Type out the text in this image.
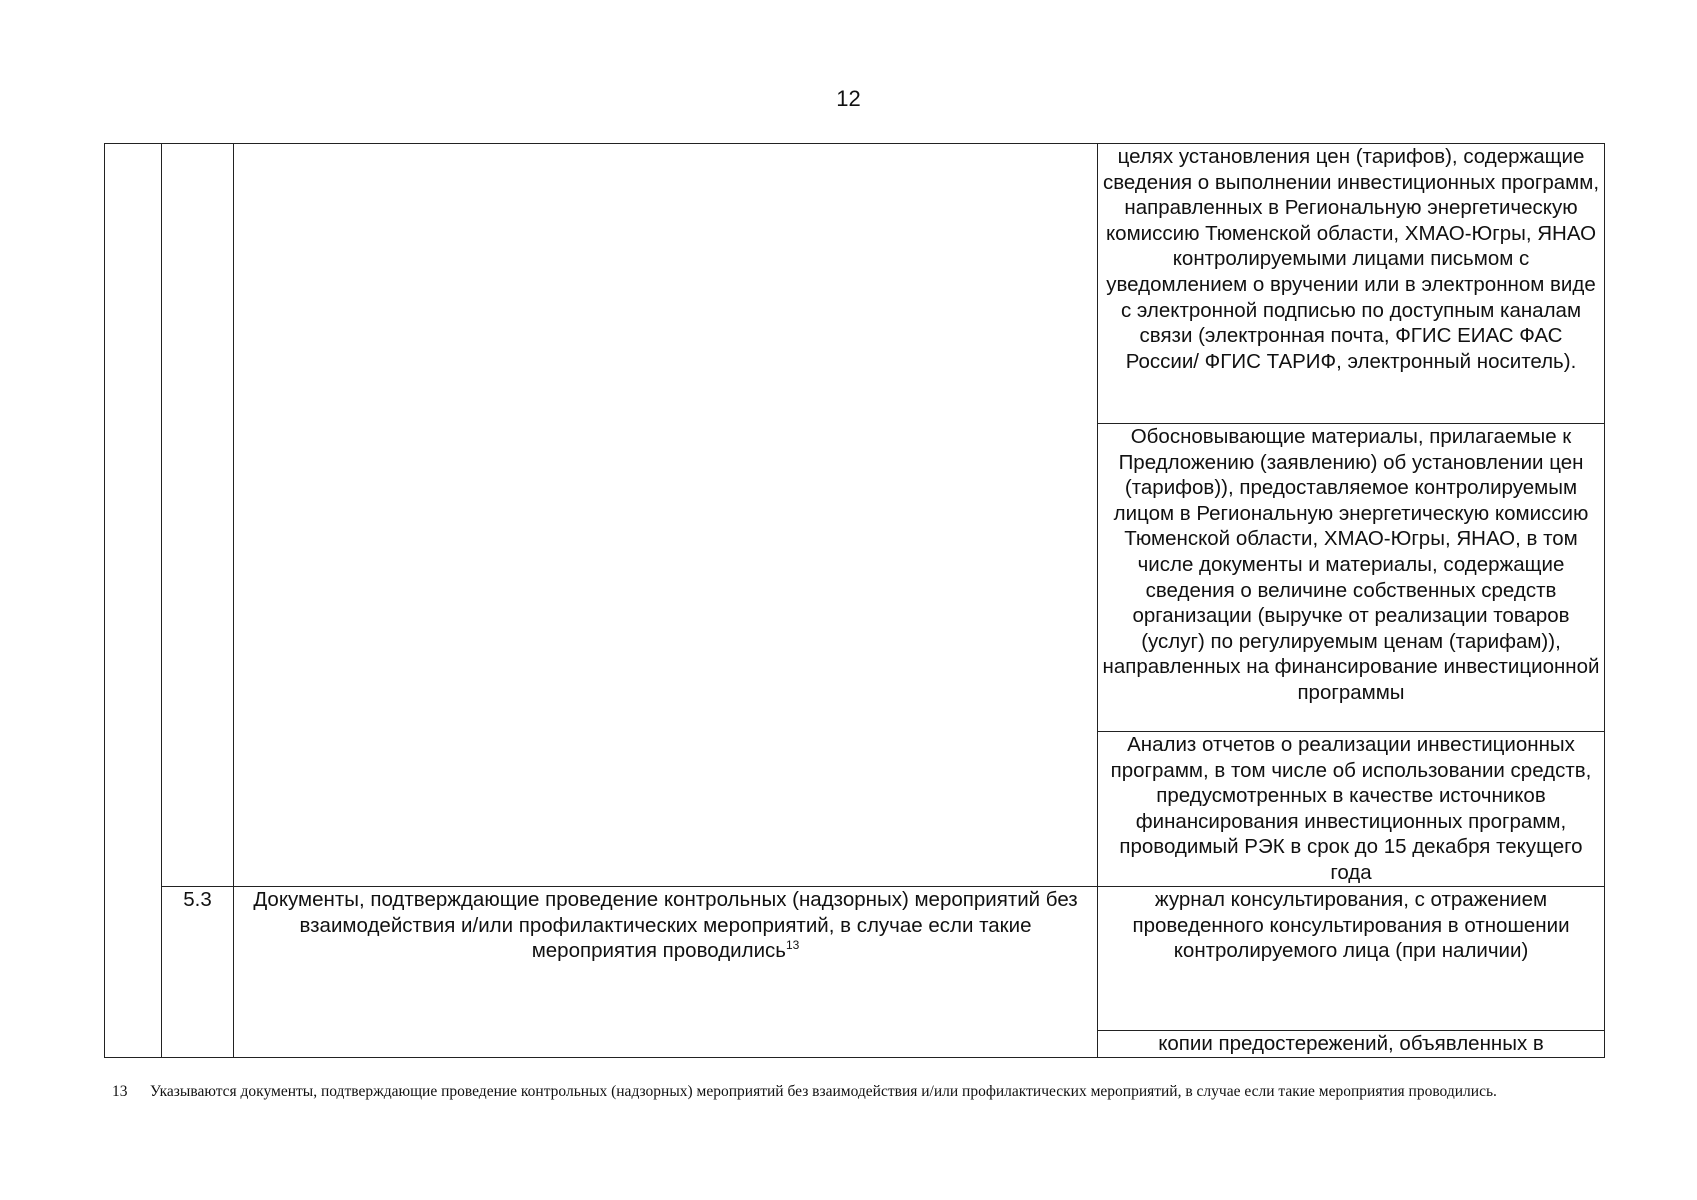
12
			целях установления цен (тарифов), содержащие сведения о выполнении инвестиционных программ, направленных в Региональную энергетическую комиссию Тюменской области, ХМАО-Югры, ЯНАО контролируемыми лицами письмом с уведомлением о вручении или в электронном виде с электронной подписью по доступным каналам связи (электронная почта, ФГИС ЕИАС ФАС России/ ФГИС ТАРИФ, электронный носитель).
			Обосновывающие материалы, прилагаемые к Предложению (заявлению) об установлении цен (тарифов)), предоставляемое контролируемым лицом в Региональную энергетическую комиссию Тюменской области, ХМАО-Югры, ЯНАО, в том числе документы и материалы, содержащие сведения о величине собственных средств организации (выручке от реализации товаров (услуг) по регулируемым ценам (тарифам)), направленных на финансирование инвестиционной программы
			Анализ отчетов о реализации инвестиционных программ, в том числе об использовании средств, предусмотренных в качестве источников финансирования инвестиционных программ, проводимый РЭК в срок до 15 декабря текущего года
	5.3	Документы, подтверждающие проведение контрольных (надзорных) мероприятий без взаимодействия и/или профилактических мероприятий, в случае если такие мероприятия проводились$^{13}$	журнал консультирования, с отражением проведенного консультирования в отношении контролируемого лица (при наличии)
			копии предостережений, объявленных в
13 Указываются документы, подтверждающие проведение контрольных (надзорных) мероприятий без взаимодействия и/или профилактических мероприятий, в случае если такие мероприятия проводились.
